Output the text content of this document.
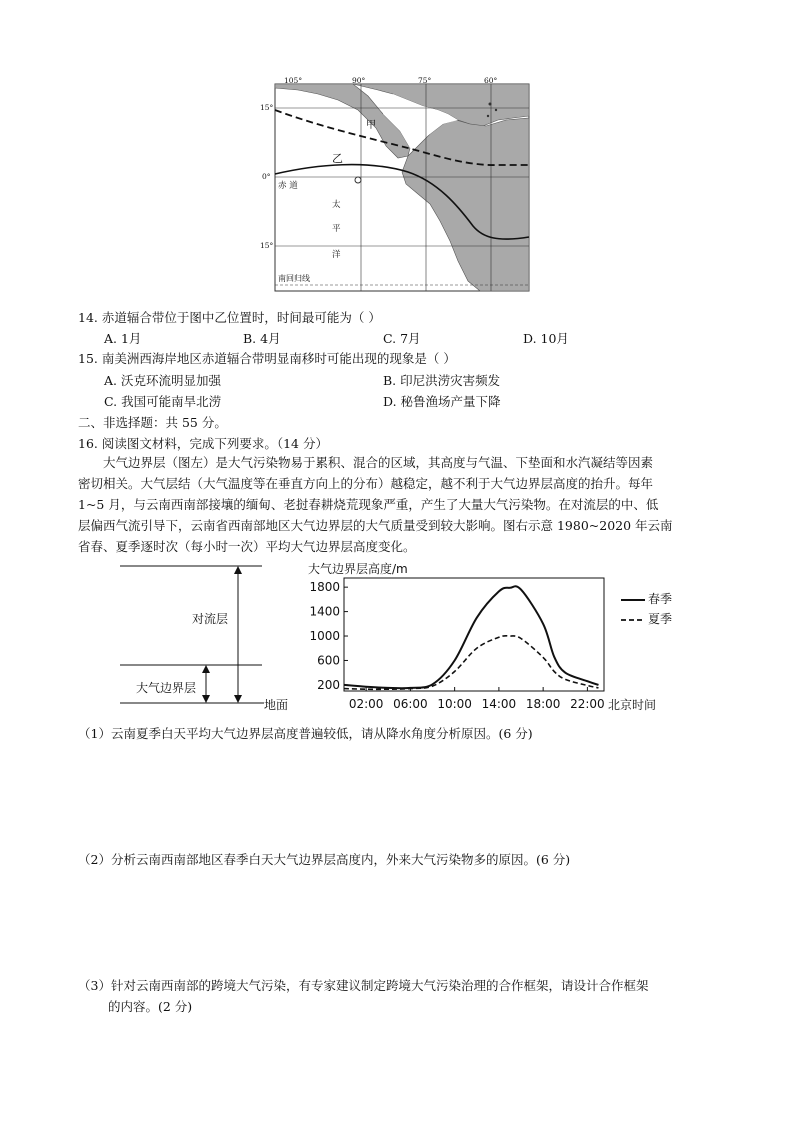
105°	90°	75°	60°
15°
0°
15°
甲
乙
赤 道
太
平
洋
南回归线
14. 赤道辐合带位于图中乙位置时，时间最可能为（ ）
A. 1月	B. 4月	C. 7月	D. 10月
15. 南美洲西海岸地区赤道辐合带明显南移时可能出现的现象是（ ）
A. 沃克环流明显加强	B. 印尼洪涝灾害频发
C. 我国可能南旱北涝	D. 秘鲁渔场产量下降
二、非选择题：共 55 分。
16. 阅读图文材料，完成下列要求。（14 分）
大气边界层（图左）是大气污染物易于累积、混合的区域，其高度与气温、下垫面和水汽凝结等因素
密切相关。大气层结（大气温度等在垂直方向上的分布）越稳定，越不利于大气边界层高度的抬升。每年
1~5 月，与云南西南部接壤的缅甸、老挝春耕烧荒现象严重，产生了大量大气污染物。在对流层的中、低
层偏西气流引导下，云南省西南部地区大气边界层的大气质量受到较大影响。图右示意 1980~2020 年云南
省春、夏季逐时次（每小时一次）平均大气边界层高度变化。
对流层
大气边界层
地面
200
600
1000
1400
1800
02:00 06:00 10:00 14:00 18:00 22:00
大气边界层高度/m
北京时间
春季
夏季
（1）云南夏季白天平均大气边界层高度普遍较低，请从降水角度分析原因。(6 分)
（2）分析云南西南部地区春季白天大气边界层高度内，外来大气污染物多的原因。(6 分)
（3）针对云南西南部的跨境大气污染，有专家建议制定跨境大气污染治理的合作框架，请设计合作框架
的内容。(2 分)
